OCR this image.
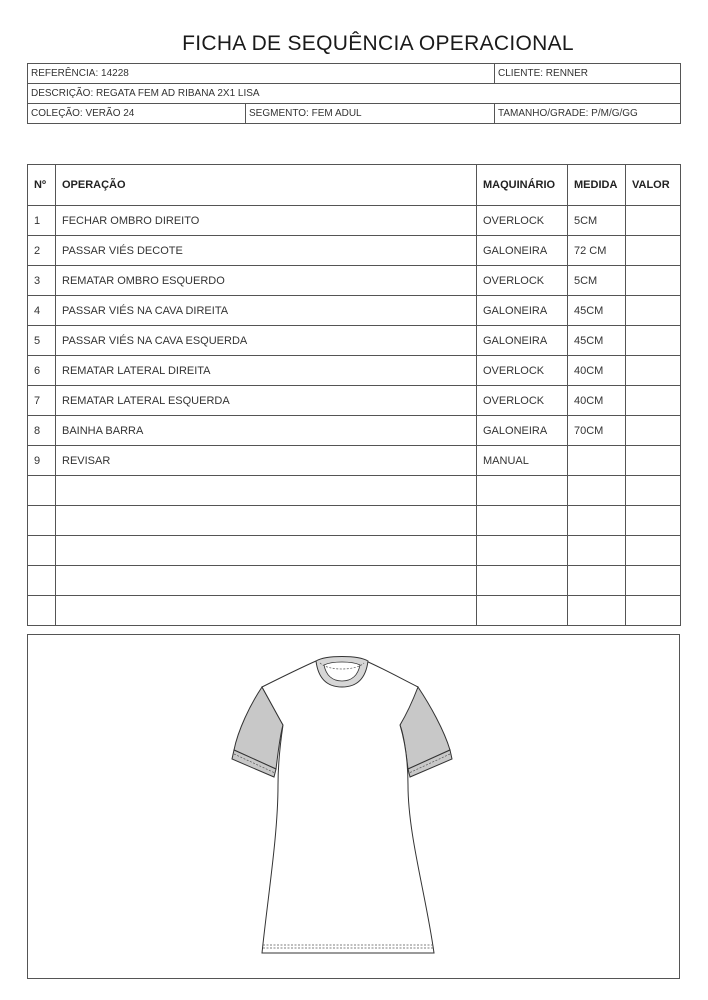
FICHA DE SEQUÊNCIA OPERACIONAL
REFERÊNCIA: 14228		CLIENTE: RENNER
DESCRIÇÃO: REGATA FEM AD RIBANA 2X1 LISA		
COLEÇÃO: VERÃO 24	SEGMENTO: FEM ADUL	TAMANHO/GRADE: P/M/G/GG
Nº	OPERAÇÃO	MAQUINÁRIO	MEDIDA	VALOR
1	FECHAR OMBRO DIREITO	OVERLOCK	5CM	
2	PASSAR VIÉS DECOTE	GALONEIRA	72 CM	
3	REMATAR OMBRO ESQUERDO	OVERLOCK	5CM	
4	PASSAR VIÉS NA CAVA DIREITA	GALONEIRA	45CM	
5	PASSAR VIÉS NA CAVA ESQUERDA	GALONEIRA	45CM	
6	REMATAR LATERAL DIREITA	OVERLOCK	40CM	
7	REMATAR LATERAL ESQUERDA	OVERLOCK	40CM	
8	BAINHA BARRA	GALONEIRA	70CM	
9	REVISAR	MANUAL		
